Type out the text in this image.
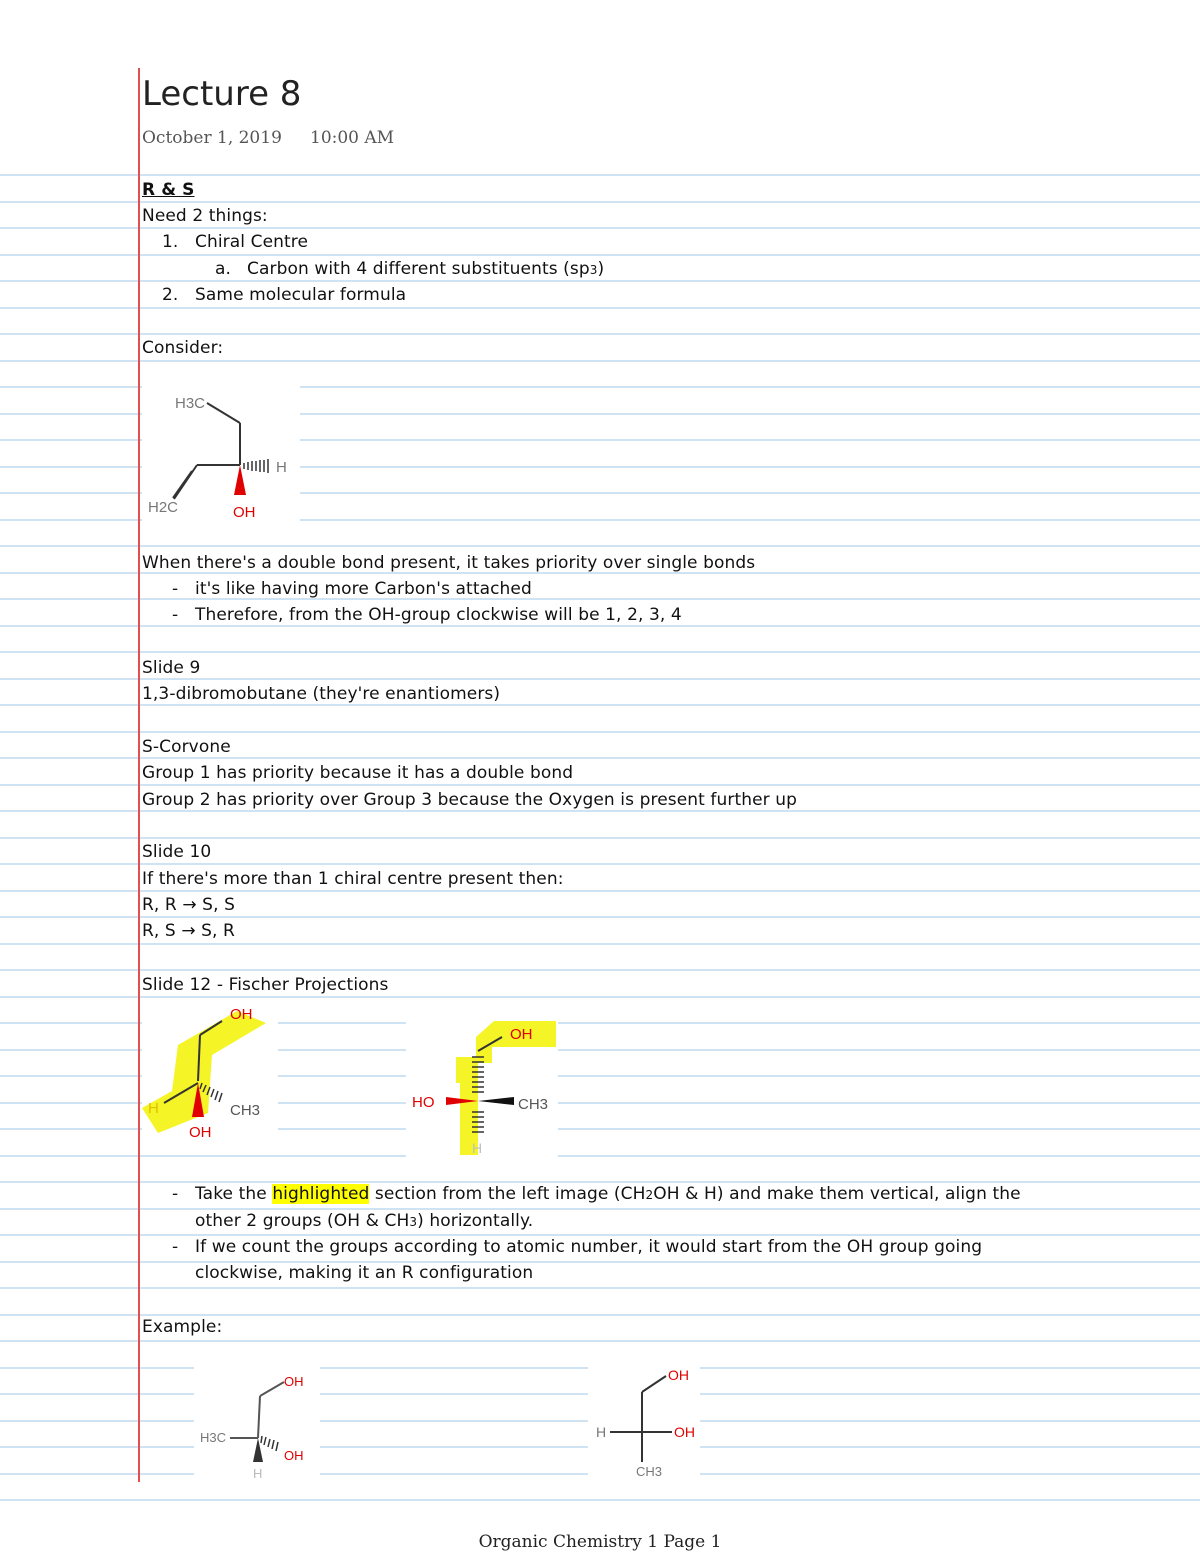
Lecture 8
October 1, 2019 10:00 AM
R & S
Need 2 things:
1. Chiral Centre
a. Carbon with 4 different substituents (sp3)
2. Same molecular formula
Consider:
H3C
H
H2C	OH
When there's a double bond present, it takes priority over single bonds
- it's like having more Carbon's attached
- Therefore, from the OH-group clockwise will be 1, 2, 3, 4
Slide 9
1,3-dibromobutane (they're enantiomers)
S-Corvone
Group 1 has priority because it has a double bond
Group 2 has priority over Group 3 because the Oxygen is present further up
Slide 10
If there's more than 1 chiral centre present then:
R, R → S, S
R, S → S, R
Slide 12 - Fischer Projections
OH
H	CH3
OH
OH
HO	CH3
H
- Take the highlighted section from the left image (CH2OH & H) and make them vertical, align the
other 2 groups (OH & CH3) horizontally.
- If we count the groups according to atomic number, it would start from the OH group going
clockwise, making it an R configuration
Example:
OH
H3C
OH
H
OH
H	OH
CH3
Organic Chemistry 1 Page 1
